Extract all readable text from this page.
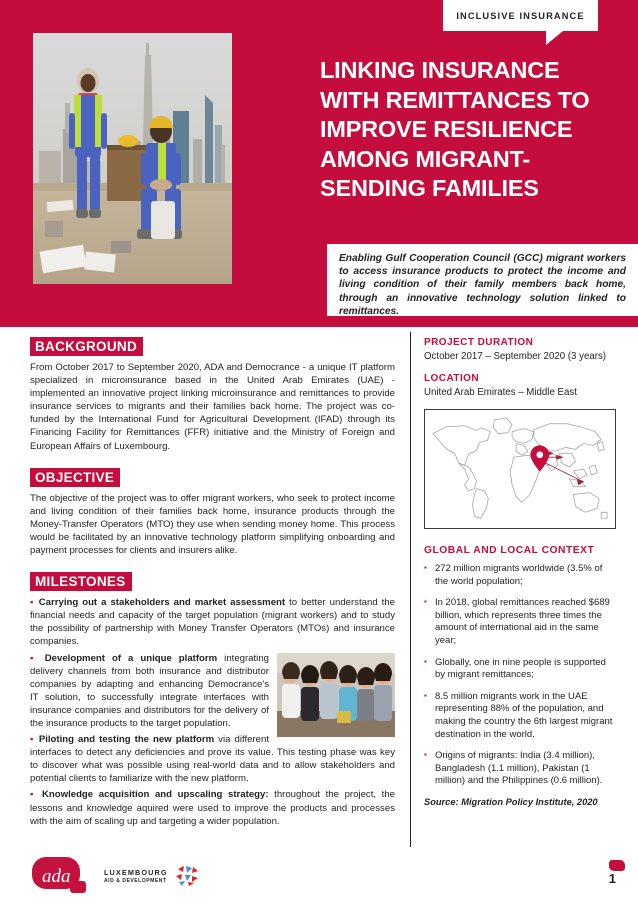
INCLUSIVE INSURANCE
LINKING INSURANCE WITH REMITTANCES TO IMPROVE RESILIENCE AMONG MIGRANT-SENDING FAMILIES

Enabling Gulf Cooperation Council (GCC) migrant workers to access insurance products to protect the income and living condition of their family members back home, through an innovative technology solution linked to remittances.

BACKGROUND
From October 2017 to September 2020, ADA and Democrance - a unique IT platform specialized in microinsurance based in the United Arab Emirates (UAE) - implemented an innovative project linking microinsurance and remittances to provide insurance services to migrants and their families back home. The project was co-funded by the International Fund for Agricultural Development (IFAD) through its Financing Facility for Remittances (FFR) initiative and the Ministry of Foreign and European Affairs of Luxembourg.
OBJECTIVE
The objective of the project was to offer migrant workers, who seek to protect income and living condition of their families back home, insurance products through the Money-Transfer Operators (MTO) they use when sending money home. This process would be facilitated by an innovative technology platform simplifying onboarding and payment processes for clients and insurers alike.
MILESTONES
▪ Carrying out a stakeholders and market assessment to better understand the financial needs and capacity of the target population (migrant workers) and to study the possibility of partnership with Money Transfer Operators (MTOs) and insurance companies.
▪ Development of a unique platform integrating delivery channels from both insurance and distributor companies by adapting and enhancing Democrance's IT solution, to successfully integrate interfaces with insurance companies and distributors for the delivery of the insurance products to the target population.
▪ Piloting and testing the new platform via different interfaces to detect any deficiencies and prove its value. This testing phase was key to discover what was possible using real-world data and to allow stakeholders and potential clients to familiarize with the new platform.
▪ Knowledge acquisition and upscaling strategy: throughout the project, the lessons and knowledge aquired were used to improve the products and processes with the aim of scaling up and targeting a wider population.
PROJECT DURATION
October 2017 – September 2020 (3 years)
LOCATION
United Arab Emirates – Middle East
GLOBAL AND LOCAL CONTEXT
▪ 272 million migrants worldwide (3.5% of the world population;
▪ In 2018, global remittances reached $689 billion, which represents three times the amount of international aid in the same year;
▪ Globally, one in nine people is supported by migrant remittances;
▪ 8.5 million migrants work in the UAE representing 88% of the population, and making the country the 6th largest migrant destination in the world.
▪ Origins of migrants: India (3.4 million), Bangladesh (1.1 million), Pakistan (1 million) and the Philippines (0.6 million).
Source: Migration Policy Institute, 2020
ada	LUXEMBOURG
AID & DEVELOPMENT	1
